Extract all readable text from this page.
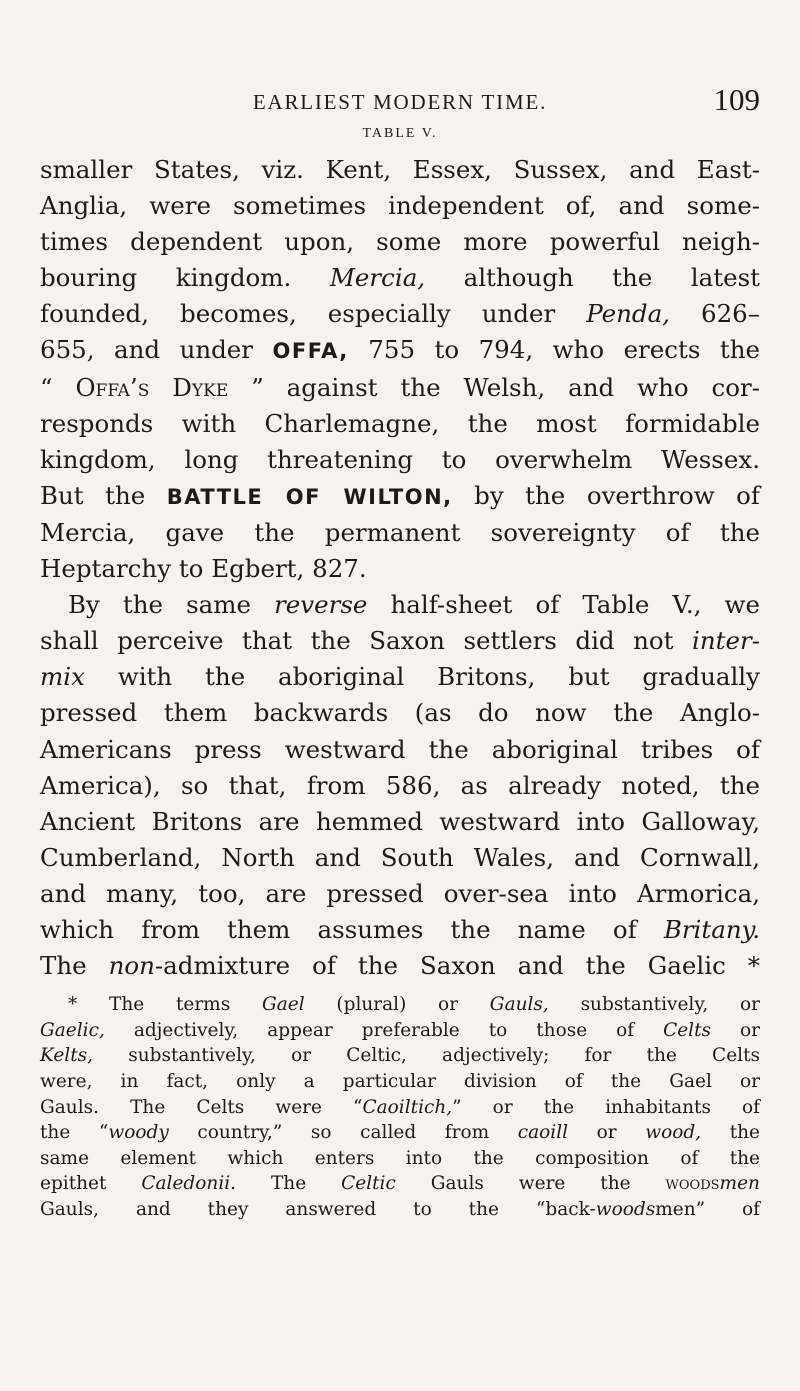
EARLIEST MODERN TIME.	109
TABLE V.

smaller States, viz. Kent, Essex, Sussex, and East-
Anglia, were sometimes independent of, and some-
times dependent upon, some more powerful neigh-
bouring kingdom. Mercia, although the latest
founded, becomes, especially under Penda, 626–
655, and under OFFA, 755 to 794, who erects the
“ Offa’s Dyke ” against the Welsh, and who cor-
responds with Charlemagne, the most formidable
kingdom, long threatening to overwhelm Wessex.
But the BATTLE OF WILTON, by the overthrow of
Mercia, gave the permanent sovereignty of the
Heptarchy to Egbert, 827.

By the same reverse half-sheet of Table V., we
shall perceive that the Saxon settlers did not inter-
mix with the aboriginal Britons, but gradually
pressed them backwards (as do now the Anglo-
Americans press westward the aboriginal tribes of
America), so that, from 586, as already noted, the
Ancient Britons are hemmed westward into Galloway,
Cumberland, North and South Wales, and Cornwall,
and many, too, are pressed over-sea into Armorica,
which from them assumes the name of Britany.
The non-admixture of the Saxon and the Gaelic *

* The terms Gael (plural) or Gauls, substantively, or
Gaelic, adjectively, appear preferable to those of Celts or
Kelts, substantively, or Celtic, adjectively; for the Celts
were, in fact, only a particular division of the Gael or
Gauls. The Celts were “Caoiltich,” or the inhabitants of
the “woody country,” so called from caoill or wood, the
same element which enters into the composition of the
epithet Caledonii. The Celtic Gauls were the woodsmen
Gauls, and they answered to the “back-woodsmen” of
